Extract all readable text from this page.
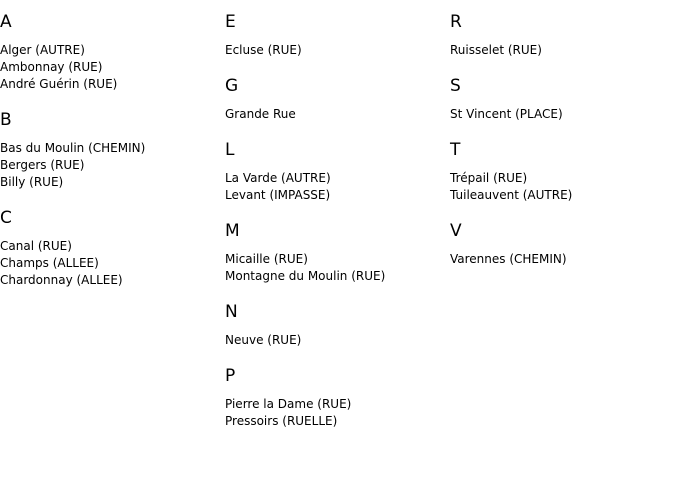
A
Alger (AUTRE)
Ambonnay (RUE)
André Guérin (RUE)
B
Bas du Moulin (CHEMIN)
Bergers (RUE)
Billy (RUE)
C
Canal (RUE)
Champs (ALLEE)
Chardonnay (ALLEE)
E
Ecluse (RUE)
G
Grande Rue
L
La Varde (AUTRE)
Levant (IMPASSE)
M
Micaille (RUE)
Montagne du Moulin (RUE)
N
Neuve (RUE)
P
Pierre la Dame (RUE)
Pressoirs (RUELLE)
R
Ruisselet (RUE)
S
St Vincent (PLACE)
T
Trépail (RUE)
Tuileauvent (AUTRE)
V
Varennes (CHEMIN)
